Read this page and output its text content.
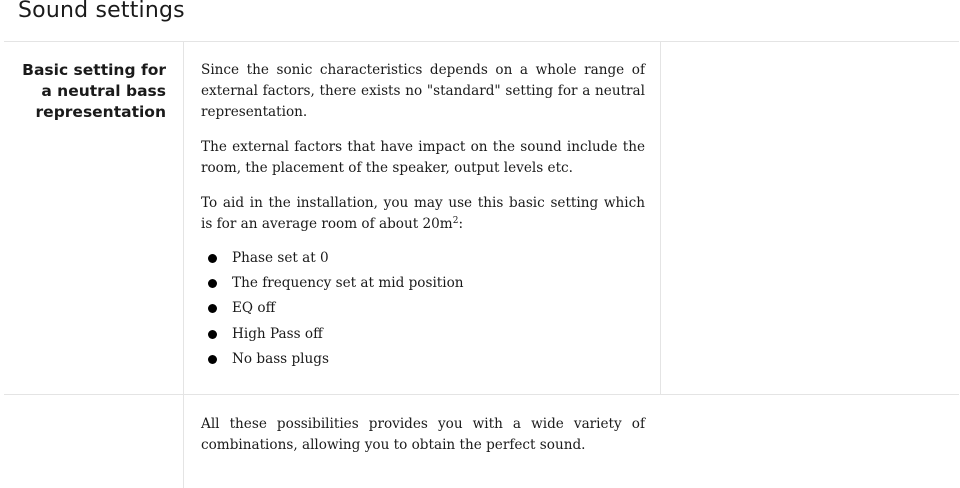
Sound settings
Basic setting for
a neutral bass
representation

Since the sonic characteristics depends on a whole range of external factors, there exists no "standard" setting for a neutral representation.

The external factors that have impact on the sound include the room, the placement of the speaker, output levels etc.

To aid in the installation, you may use this basic setting which is for an average room of about $20m^2$:

Phase set at 0
The frequency set at mid position
EQ off
High Pass off
No bass plugs

All these possibilities provides you with a wide variety of combinations, allowing you to obtain the perfect sound.
